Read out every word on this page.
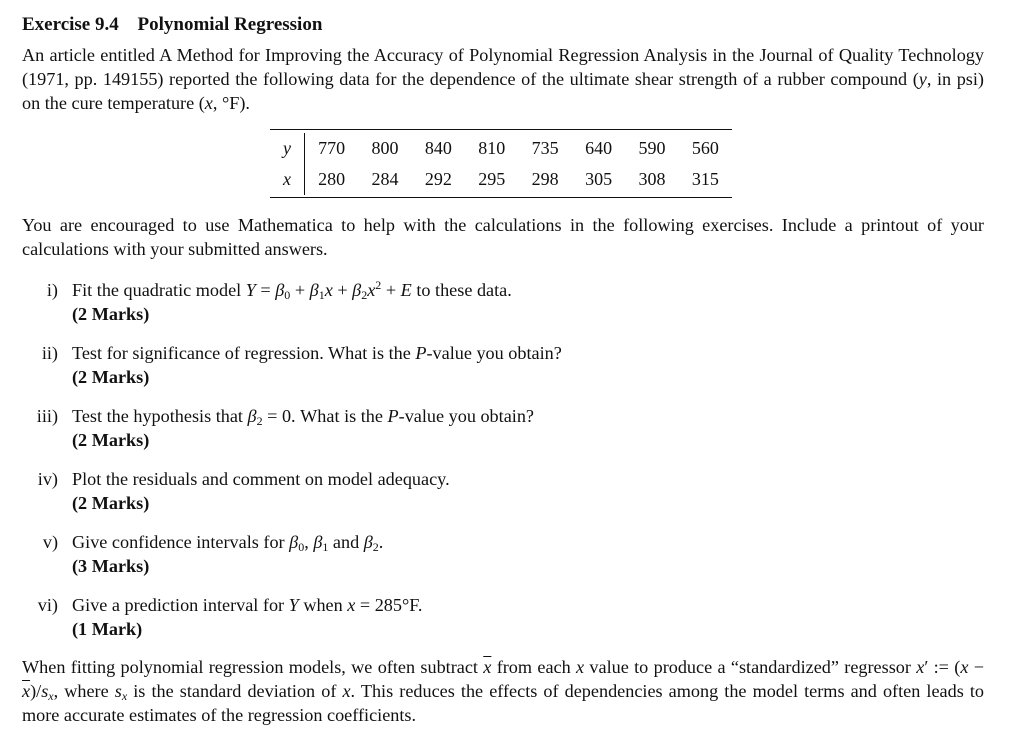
Exercise 9.4 Polynomial Regression
An article entitled A Method for Improving the Accuracy of Polynomial Regression Analysis in the Journal of Quality Technology (1971, pp. 149155) reported the following data for the dependence of the ultimate shear strength of a rubber compound (y, in psi) on the cure temperature (x, °F).
y	770	800	840	810	735	640	590	560
x	280	284	292	295	298	305	308	315
You are encouraged to use Mathematica to help with the calculations in the following exercises. Include a printout of your calculations with your submitted answers.
i) Fit the quadratic model $Y = \beta_0 + \beta_1x + \beta_2x^2 + E$ to these data.
(2 Marks)
ii) Test for significance of regression. What is the P-value you obtain?
(2 Marks)
iii) Test the hypothesis that $\beta_2 = 0$. What is the P-value you obtain?
(2 Marks)
iv) Plot the residuals and comment on model adequacy.
(2 Marks)
v) Give confidence intervals for $\beta_0$, $\beta_1$ and $\beta_2$.
(3 Marks)
vi) Give a prediction interval for Y when x = 285°F.
(1 Mark)
When fitting polynomial regression models, we often subtract $\overline{x}$ from each x value to produce a “standardized” regressor x′ := $(x - \overline{x})/s_x$, where $s_x$ is the standard deviation of x. This reduces the effects of dependencies among the model terms and often leads to more accurate estimates of the regression coefficients.
